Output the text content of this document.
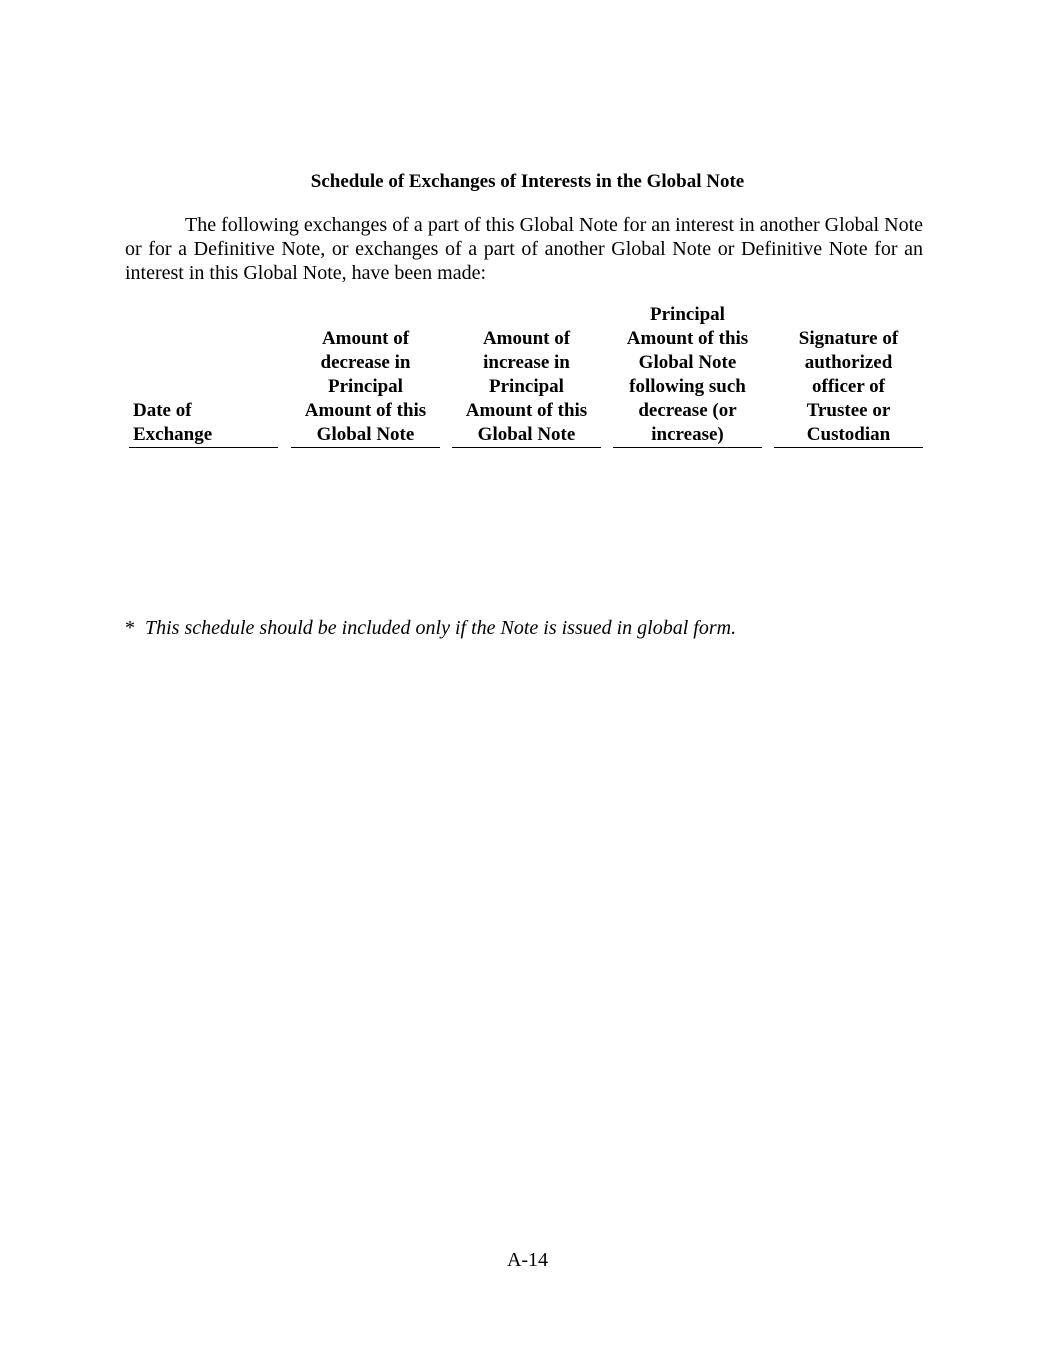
Schedule of Exchanges of Interests in the Global Note

The following exchanges of a part of this Global Note for an interest in another Global Note or for a Definitive Note, or exchanges of a part of another Global Note or Definitive Note for an interest in this Global Note, have been made:

Date of
Exchange
Amount of
decrease in
Principal
Amount of this
Global Note
Amount of
increase in
Principal
Amount of this
Global Note
Principal
Amount of this
Global Note
following such
decrease (or
increase)
Signature of
authorized
officer of
Trustee or
Custodian
* This schedule should be included only if the Note is issued in global form.
A-14
